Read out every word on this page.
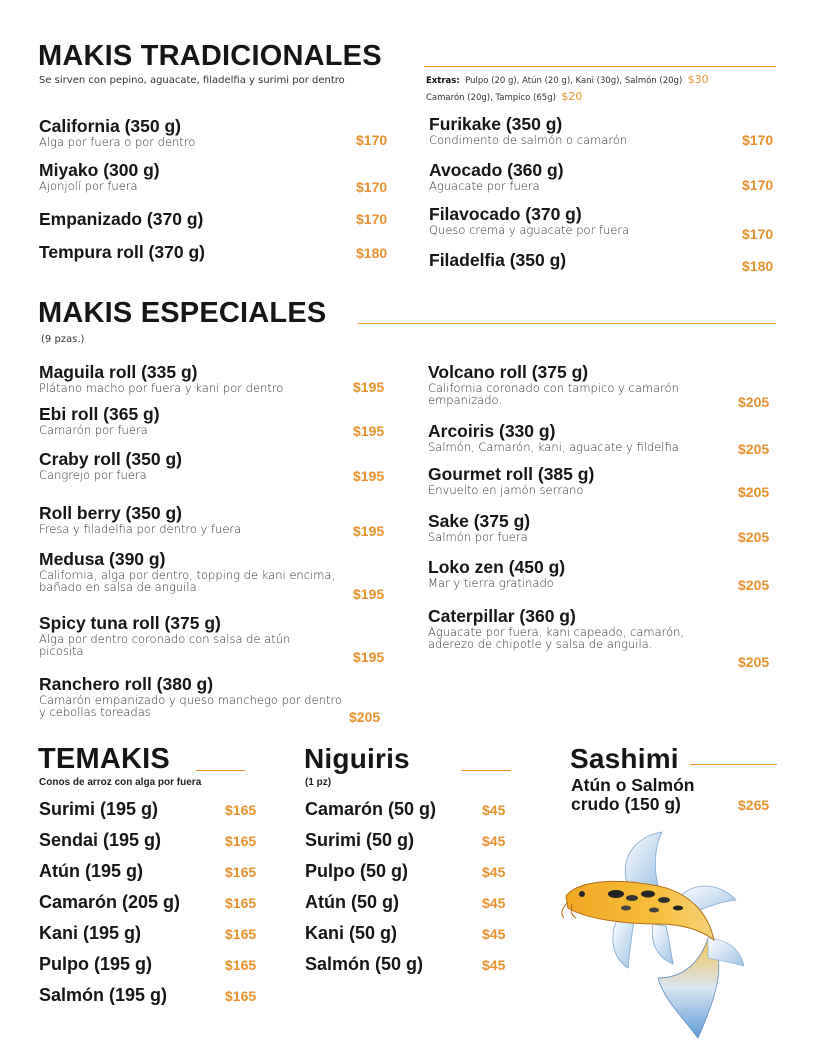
MAKIS TRADICIONALES
Se sirven con pepino, aguacate, filadelfia y surimi por dentro	Extras: Pulpo (20 g), Atún (20 g), Kani (30g), Salmón (20g) $30
Camarón (20g), Tampico (65g) $20
California (350 g)
Alga por fuera o por dentro	$170
Miyako (300 g)
Ajonjolí por fuera	$170
Empanizado (370 g)	$170
Tempura roll (370 g)	$180
Furikake (350 g)
Condimento de salmón o camarón	$170
Avocado (360 g)
Aguacate por fuera	$170
Filavocado (370 g)
Queso crema y aguacate por fuera	$170
Filadelfia (350 g)	$180
MAKIS ESPECIALES
(9 pzas.)
Maguila roll (335 g)
Plátano macho por fuera y kani por dentro	$195
Ebi roll (365 g)
Camarón por fuera	$195
Craby roll (350 g)
Cangrejo por fuera	$195
Roll berry (350 g)
Fresa y filadelfia por dentro y fuera	$195
Medusa (390 g)
California, alga por dentro, topping de kani encima, bañado en salsa de anguila.	$195
Spicy tuna roll (375 g)
Alga por dentro coronado con salsa de atún picosita	$195
Ranchero roll (380 g)
Camarón empanizado y queso manchego por dentro y cebollas toreadas	$205
Volcano roll (375 g)
California coronado con tampico y camarón empanizado.	$205
Arcoiris (330 g)
Salmón, Camarón, kani, aguacate y fildelfia	$205
Gourmet roll (385 g)
Envuelto en jamón serrano	$205
Sake (375 g)
Salmón por fuera	$205
Loko zen (450 g)
Mar y tierra gratinado	$205
Caterpillar (360 g)
Aguacate por fuera, kani capeado, camarón, aderezo de chipotle y salsa de anguila.
$205
TEMAKIS
Conos de arroz con alga por fuera
Surimi (195 g)	$165
Sendai (195 g)	$165
Atún (195 g)	$165
Camarón (205 g)	$165
Kani (195 g)	$165
Pulpo (195 g)	$165
Salmón (195 g)	$165
Niguiris
(1 pz)
Camarón (50 g)	$45
Surimi (50 g)	$45
Pulpo (50 g)	$45
Atún (50 g)	$45
Kani (50 g)	$45
Salmón (50 g)	$45
Sashimi
Atún o Salmón crudo (150 g)	$265
